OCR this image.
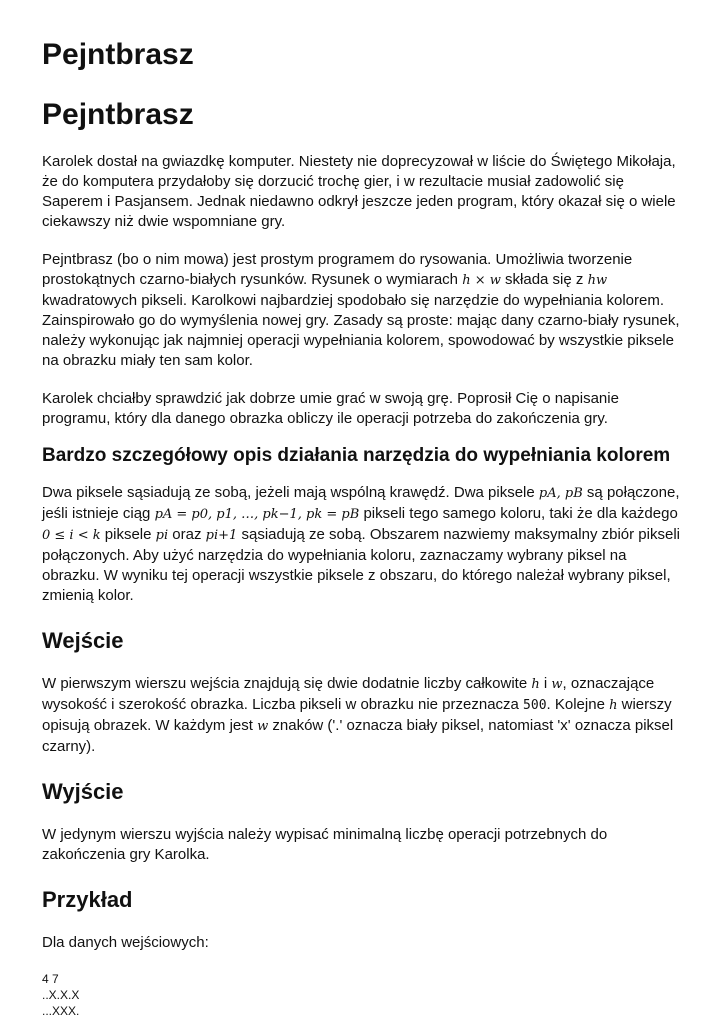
Pejntbrasz
Pejntbrasz

Karolek dostał na gwiazdkę komputer. Niestety nie doprecyzował w liście do Świętego Mikołaja, że do komputera przydałoby się dorzucić trochę gier, i w rezultacie musiał zadowolić się Saperem i Pasjansem. Jednak niedawno odkrył jeszcze jeden program, który okazał się o wiele ciekawszy niż dwie wspomniane gry.

Pejntbrasz (bo o nim mowa) jest prostym programem do rysowania. Umożliwia tworzenie prostokątnych czarno-białych rysunków. Rysunek o wymiarach h × w składa się z hw kwadratowych pikseli. Karolkowi najbardziej spodobało się narzędzie do wypełniania kolorem. Zainspirowało go do wymyślenia nowej gry. Zasady są proste: mając dany czarno-biały rysunek, należy wykonując jak najmniej operacji wypełniania kolorem, spowodować by wszystkie piksele na obrazku miały ten sam kolor.

Karolek chciałby sprawdzić jak dobrze umie grać w swoją grę. Poprosił Cię o napisanie programu, który dla danego obrazka obliczy ile operacji potrzeba do zakończenia gry.

Bardzo szczegółowy opis działania narzędzia do wypełniania kolorem

Dwa piksele sąsiadują ze sobą, jeżeli mają wspólną krawędź. Dwa piksele pA, pB są połączone, jeśli istnieje ciąg pA = p0, p1, …, pk−1, pk = pB pikseli tego samego koloru, taki że dla każdego 0 ≤ i < k piksele pi oraz pi+1 sąsiadują ze sobą. Obszarem nazwiemy maksymalny zbiór pikseli połączonych. Aby użyć narzędzia do wypełniania koloru, zaznaczamy wybrany piksel na obrazku. W wyniku tej operacji wszystkie piksele z obszaru, do którego należał wybrany piksel, zmienią kolor.

Wejście

W pierwszym wierszu wejścia znajdują się dwie dodatnie liczby całkowite h i w, oznaczające wysokość i szerokość obrazka. Liczba pikseli w obrazku nie przeznacza 500. Kolejne h wierszy opisują obrazek. W każdym jest w znaków ('.' oznacza biały piksel, natomiast 'x' oznacza piksel czarny).

Wyjście

W jedynym wierszu wyjścia należy wypisać minimalną liczbę operacji potrzebnych do zakończenia gry Karolka.

Przykład

Dla danych wejściowych:

4 7
..X.X.X
...XXX.
